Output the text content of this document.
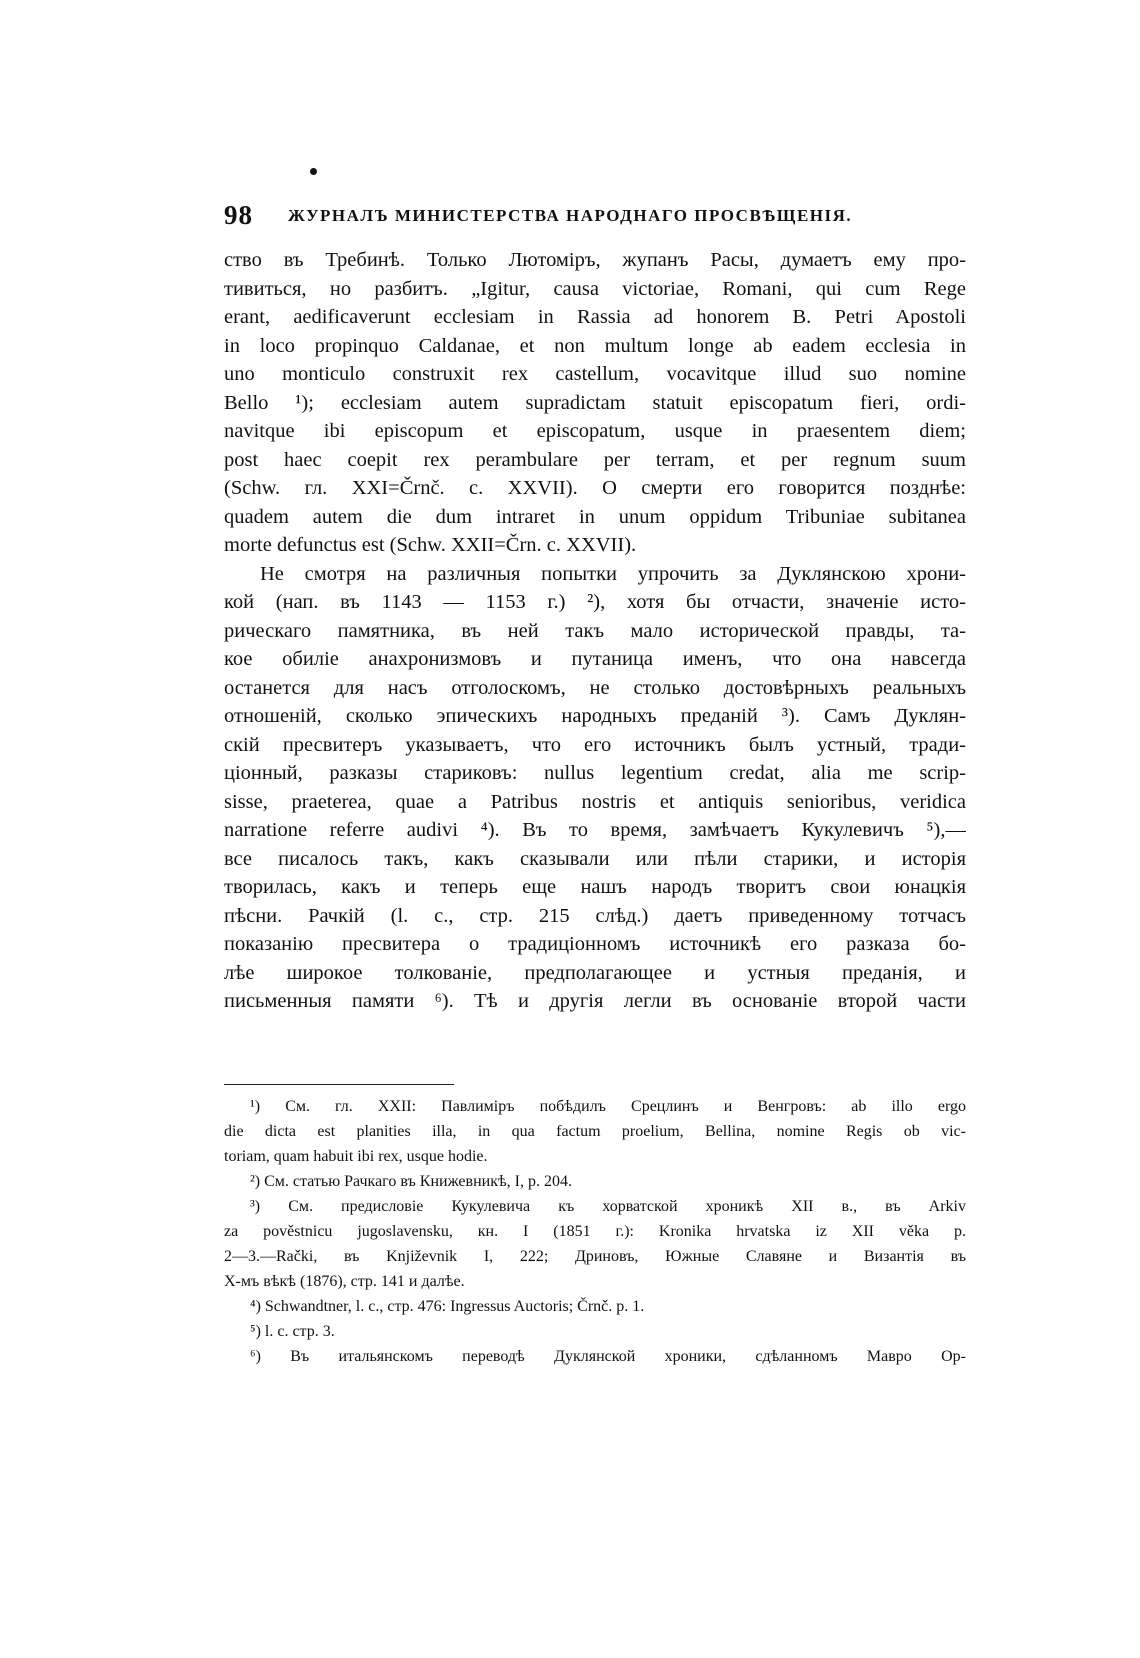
98 ЖУРНАЛЪ МИНИСТЕРСТВА НАРОДНАГО ПРОСВѢЩЕНІЯ.
ство въ Требинѣ. Только Лютоміръ, жупанъ Расы, думаетъ ему про-
тивиться, но разбитъ. „Igitur, causa victoriae, Romani, qui cum Rege
erant, aedificaverunt ecclesiam in Rassia ad honorem B. Petri Apostoli
in loco propinquo Caldanae, et non multum longe ab eadem ecclesia in
uno monticulo construxit rex castellum, vocavitque illud suo nomine
Bello ¹); ecclesiam autem supradictam statuit episcopatum fieri, ordi-
navitque ibi episcopum et episcopatum, usque in praesentem diem;
post haec coepit rex perambulare per terram, et per regnum suum
(Schw. гл. XXI=Črnč. c. XXVII). О смерти его говорится позднѣе:
quadem autem die dum intraret in unum oppidum Tribuniae subitanea
morte defunctus est (Schw. XXII=Črn. c. XXVII).
Не смотря на различныя попытки упрочить за Дуклянскою хрони-
кой (нап. въ 1143 — 1153 г.) ²), хотя бы отчасти, значеніе исто-
рическаго памятника, въ ней такъ мало исторической правды, та-
кое обиліе анахронизмовъ и путаница именъ, что она навсегда
останется для насъ отголоскомъ, не столько достовѣрныхъ реальныхъ
отношеній, сколько эпическихъ народныхъ преданій ³). Самъ Дуклян-
скій пресвитеръ указываетъ, что его источникъ былъ устный, тради-
ціонный, разказы стариковъ: nullus legentium credat, alia me scrip-
sisse, praeterea, quae a Patribus nostris et antiquis senioribus, veridica
narratione referre audivi ⁴). Въ то время, замѣчаетъ Кукулевичъ ⁵),—
все писалось такъ, какъ сказывали или пѣли старики, и исторія
творилась, какъ и теперь еще нашъ народъ творитъ свои юнацкія
пѣсни. Рачкій (l. c., стр. 215 слѣд.) даетъ приведенному тотчасъ
показанію пресвитера о традиціонномъ источникѣ его разказа бо-
лѣе широкое толкованіе, предполагающее и устныя преданія, и
письменныя памяти ⁶). Тѣ и другія легли въ основаніе второй части
¹) См. гл. XXII: Павлиміръ побѣдилъ Срецлинъ и Венгровъ: ab illo ergo
die dicta est planities illa, in qua factum proelium, Bellina, nomine Regis ob vic-
toriam, quam habuit ibi rex, usque hodie.
²) См. статью Рачкаго въ Книжевникѣ, I, p. 204.
³) См. предисловіе Кукулевича къ хорватской хроникѣ XII в., въ Arkiv
za pověstnicu jugoslavensku, кн. I (1851 г.): Kronika hrvatska iz XII věka p.
2—3.—Rački, въ Književnik I, 222; Дриновъ, Южные Славяне и Византія въ
X-мъ вѣкѣ (1876), стр. 141 и далѣе.
⁴) Schwandtner, l. c., стр. 476: Ingressus Auctoris; Črnč. p. 1.
⁵) l. c. стр. 3.
⁶) Въ итальянскомъ переводѣ Дуклянской хроники, сдѣланномъ Мавро Ор-
